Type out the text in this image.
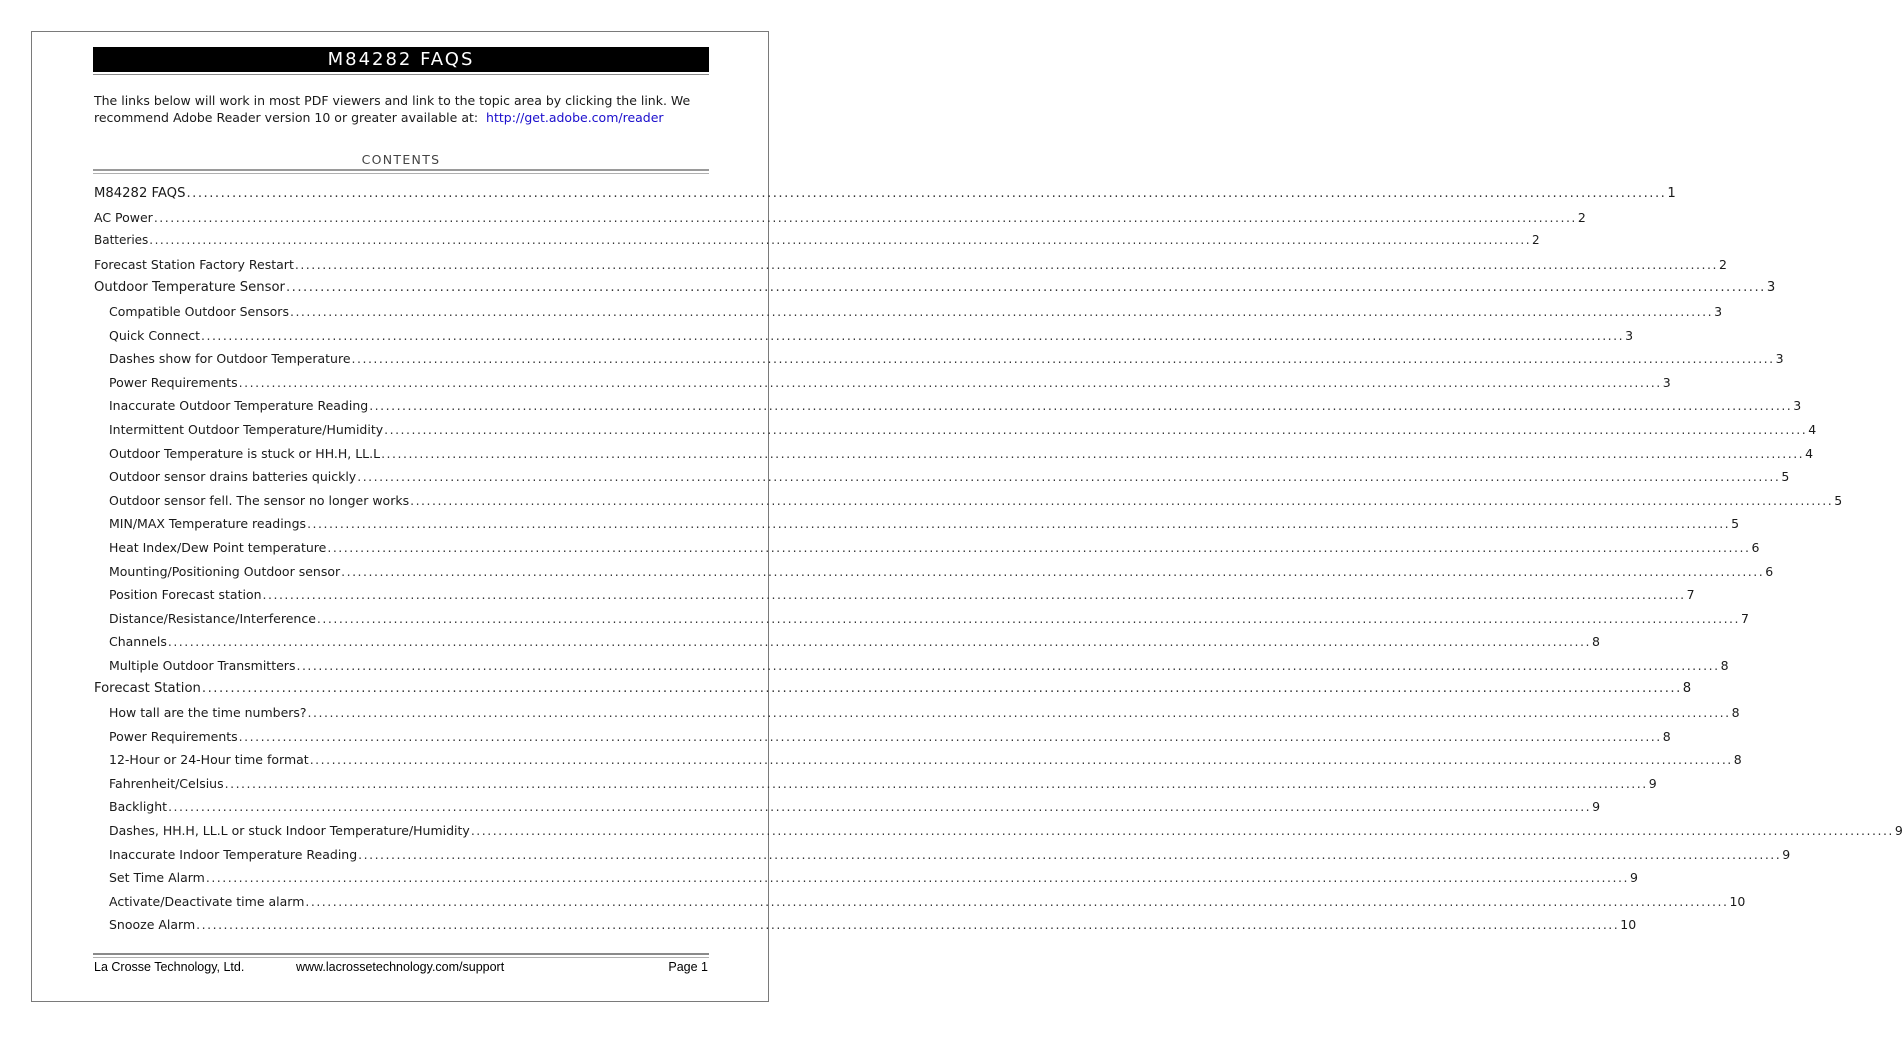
M84282 FAQS
The links below will work in most PDF viewers and link to the topic area by clicking the link. We recommend Adobe Reader version 10 or greater available at: http://get.adobe.com/reader
CONTENTS
M84282 FAQS .................................................................................................................................................................................................................................................................... 1
AC Power .................................................................................................................................................................................................................................................................... 2
Batteries .................................................................................................................................................................................................................................................................... 2
Forecast Station Factory Restart .................................................................................................................................................................................................................................................................... 2
Outdoor Temperature Sensor .................................................................................................................................................................................................................................................................... 3
Compatible Outdoor Sensors .................................................................................................................................................................................................................................................................... 3
Quick Connect .................................................................................................................................................................................................................................................................... 3
Dashes show for Outdoor Temperature .................................................................................................................................................................................................................................................................... 3
Power Requirements .................................................................................................................................................................................................................................................................... 3
Inaccurate Outdoor Temperature Reading .................................................................................................................................................................................................................................................................... 3
Intermittent Outdoor Temperature/Humidity .................................................................................................................................................................................................................................................................... 4
Outdoor Temperature is stuck or HH.H, LL.L .................................................................................................................................................................................................................................................................... 4
Outdoor sensor drains batteries quickly .................................................................................................................................................................................................................................................................... 5
Outdoor sensor fell. The sensor no longer works .................................................................................................................................................................................................................................................................... 5
MIN/MAX Temperature readings .................................................................................................................................................................................................................................................................... 5
Heat Index/Dew Point temperature .................................................................................................................................................................................................................................................................... 6
Mounting/Positioning Outdoor sensor .................................................................................................................................................................................................................................................................... 6
Position Forecast station .................................................................................................................................................................................................................................................................... 7
Distance/Resistance/Interference .................................................................................................................................................................................................................................................................... 7
Channels .................................................................................................................................................................................................................................................................... 8
Multiple Outdoor Transmitters .................................................................................................................................................................................................................................................................... 8
Forecast Station .................................................................................................................................................................................................................................................................... 8
How tall are the time numbers? .................................................................................................................................................................................................................................................................... 8
Power Requirements .................................................................................................................................................................................................................................................................... 8
12-Hour or 24-Hour time format .................................................................................................................................................................................................................................................................... 8
Fahrenheit/Celsius .................................................................................................................................................................................................................................................................... 9
Backlight .................................................................................................................................................................................................................................................................... 9
Dashes, HH.H, LL.L or stuck Indoor Temperature/Humidity .................................................................................................................................................................................................................................................................... 9
Inaccurate Indoor Temperature Reading .................................................................................................................................................................................................................................................................... 9
Set Time Alarm .................................................................................................................................................................................................................................................................... 9
Activate/Deactivate time alarm .................................................................................................................................................................................................................................................................... 10
Snooze Alarm .................................................................................................................................................................................................................................................................... 10
La Crosse Technology, Ltd.	www.lacrossetechnology.com/support	Page 1
